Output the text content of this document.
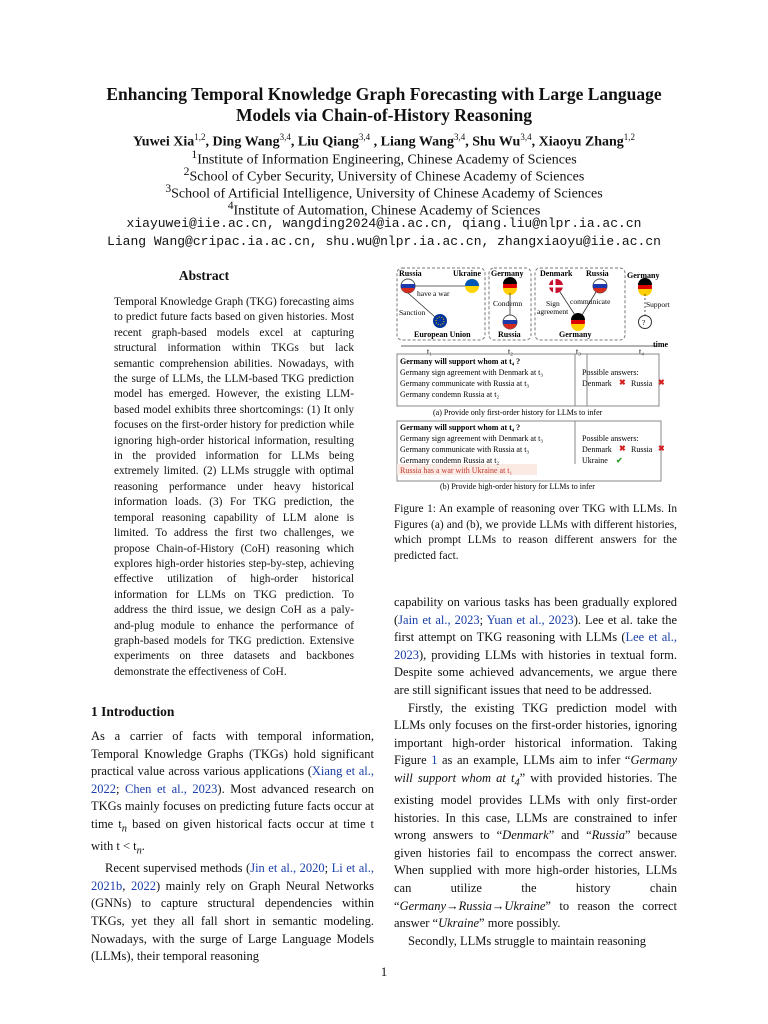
Enhancing Temporal Knowledge Graph Forecasting with Large Language
Models via Chain-of-History Reasoning
Yuwei Xia$^{1,2}$, Ding Wang$^{3,4}$, Liu Qiang$^{3,4}$ , Liang Wang$^{3,4}$, Shu Wu$^{3,4}$, Xiaoyu Zhang$^{1,2}$
$^1$Institute of Information Engineering, Chinese Academy of Sciences
$^2$School of Cyber Security, University of Chinese Academy of Sciences
$^3$School of Artificial Intelligence, University of Chinese Academy of Sciences
$^4$Institute of Automation, Chinese Academy of Sciences
xiayuwei@iie.ac.cn, wangding2024@ia.ac.cn, qiang.liu@nlpr.ia.ac.cn
Liang Wang@cripac.ia.ac.cn, shu.wu@nlpr.ia.ac.cn, zhangxiaoyu@iie.ac.cn
Abstract
Temporal Knowledge Graph (TKG) forecasting aims to predict future facts based on given histories. Most recent graph-based models excel at capturing structural information within TKGs but lack semantic comprehension abilities. Nowadays, with the surge of LLMs, the LLM-based TKG prediction model has emerged. However, the existing LLM-based model exhibits three shortcomings: (1) It only focuses on the first-order history for prediction while ignoring high-order historical information, resulting in the provided information for LLMs being extremely limited. (2) LLMs struggle with optimal reasoning performance under heavy historical information loads. (3) For TKG prediction, the temporal reasoning capability of LLM alone is limited. To address the first two challenges, we propose Chain-of-History (CoH) reasoning which explores high-order histories step-by-step, achieving effective utilization of high-order historical information for LLMs on TKG prediction. To address the third issue, we design CoH as a paly-and-plug module to enhance the performance of graph-based models for TKG prediction. Extensive experiments on three datasets and backbones demonstrate the effectiveness of CoH.
1 Introduction

As a carrier of facts with temporal information, Temporal Knowledge Graphs (TKGs) hold significant practical value across various applications (Xiang et al., 2022; Chen et al., 2023). Most advanced research on TKGs mainly focuses on predicting future facts occur at time $t_n$ based on given historical facts occur at time t with $t < t_n$.

Recent supervised methods (Jin et al., 2020; Li et al., 2021b, 2022) mainly rely on Graph Neural Networks (GNNs) to capture structural dependencies within TKGs, yet they all fall short in semantic modeling. Nowadays, with the surge of Large Language Models (LLMs), their temporal reasoning

Russia	Ukraine
European Union
Germany
Russia
Denmark Russia
Germany
Germany
have a war
Sanction
Condemn	Sign
agreement
communicate	Support
?
t₁	t₂	t₃	t₄
time
Germany will support whom at t₄ ?
Germany sign agreement with Denmark at t₃
Germany communicate with Russia at t₃
Germany condemn Russia at t₂
Possible answers:
Denmark ✖ Russia ✖
(a) Provide only first-order history for LLMs to infer
Germany will support whom at t₄ ?
Germany sign agreement with Denmark at t₃
Germany communicate with Russia at t₃
Germany condemn Russia at t₂
Russia has a war with Ukraine at t₁
Possible answers:
Denmark ✖ Russia ✖
Ukraine ✔
(b) Provide high-order history for LLMs to infer
Figure 1: An example of reasoning over TKG with LLMs. In Figures (a) and (b), we provide LLMs with different histories, which prompt LLMs to reason different answers for the predicted fact.

capability on various tasks has been gradually explored (Jain et al., 2023; Yuan et al., 2023). Lee et al. take the first attempt on TKG reasoning with LLMs (Lee et al., 2023), providing LLMs with histories in textual form. Despite some achieved advancements, we argue there are still significant issues that need to be addressed.

Firstly, the existing TKG prediction model with LLMs only focuses on the first-order histories, ignoring important high-order historical information. Taking Figure 1 as an example, LLMs aim to infer “Germany will support whom at $t_4$” with provided histories. The existing model provides LLMs with only first-order histories. In this case, LLMs are constrained to infer wrong answers to “Denmark” and “Russia” because given histories fail to encompass the correct answer. When supplied with more high-order histories, LLMs can utilize the history chain “Germany→Russia→Ukraine” to reason the correct answer “Ukraine” more possibly.

Secondly, LLMs struggle to maintain reasoning

1
